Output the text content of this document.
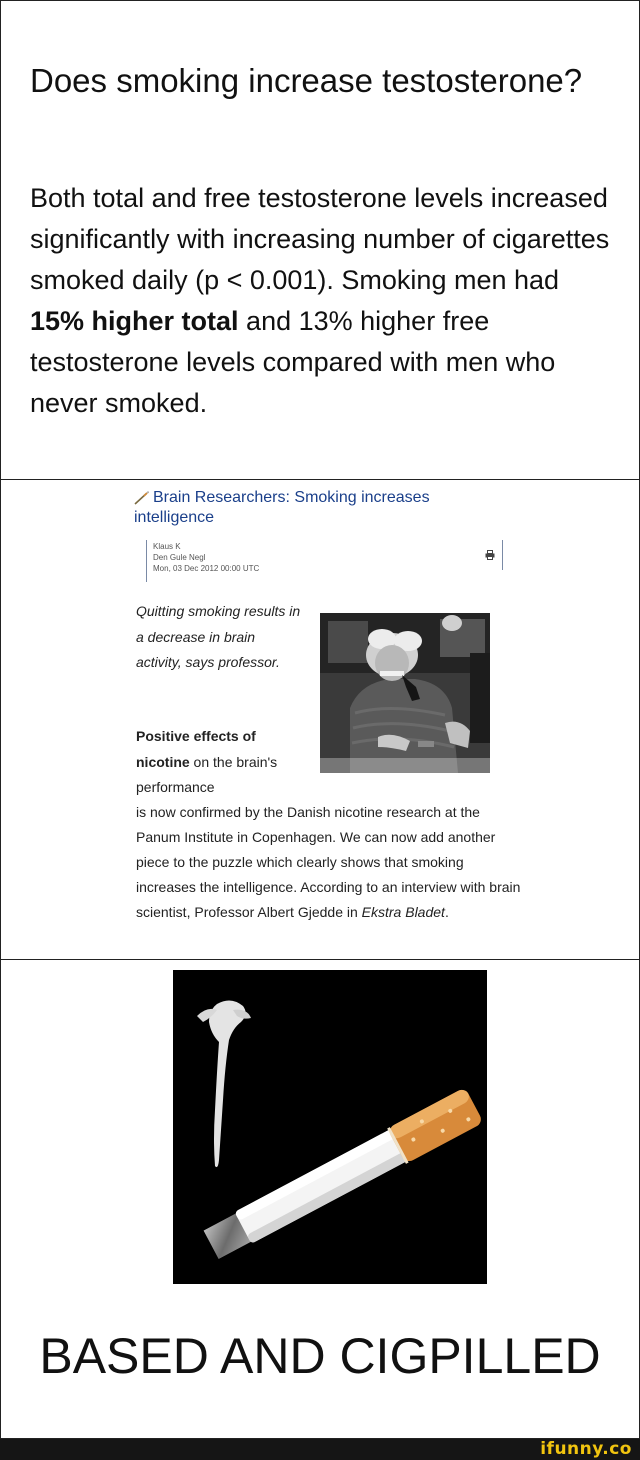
Does smoking increase testosterone?

Both total and free testosterone levels increased significantly with increasing number of cigarettes smoked daily (p < 0.001). Smoking men had 15% higher total and 13% higher free testosterone levels compared with men who never smoked.

Brain Researchers: Smoking increases intelligence
Klaus K
Den Gule Negl
Mon, 03 Dec 2012 00:00 UTC

Quitting smoking results in a decrease in brain activity, says professor.

Positive effects of nicotine on the brain's performance

is now confirmed by the Danish nicotine research at the Panum Institute in Copenhagen. We can now add another piece to the puzzle which clearly shows that smoking increases the intelligence. According to an interview with brain scientist, Professor Albert Gjedde in Ekstra Bladet.

BASED AND CIGPILLED
ifunny.co
